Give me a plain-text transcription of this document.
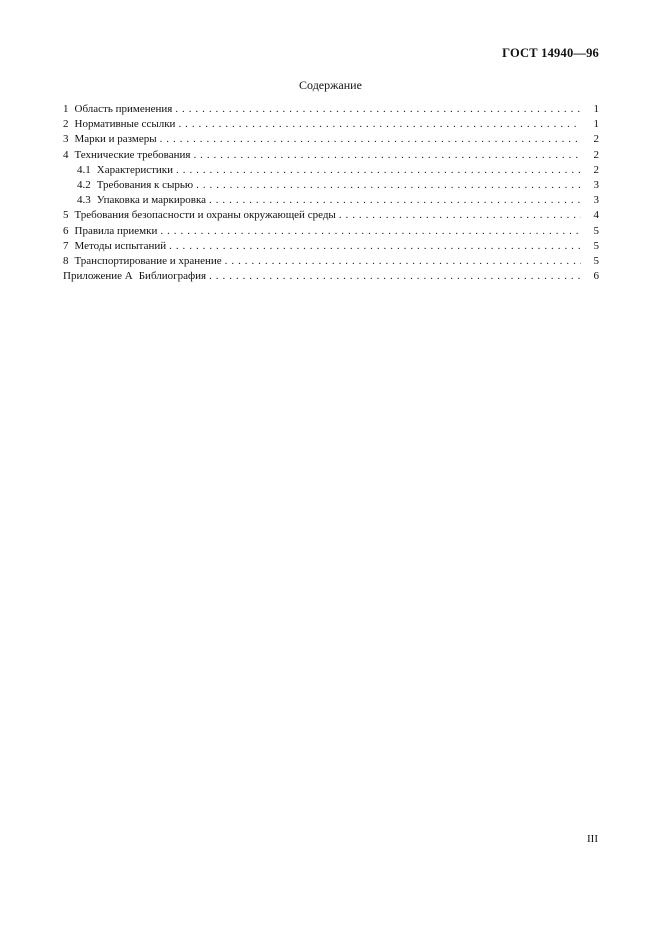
ГОСТ 14940—96
Содержание
1 Область применения . . .	1
2 Нормативные ссылки . . .	1
3 Марки и размеры . . .	2
4 Технические требования . . .	2
4.1 Характеристики . . .	2
4.2 Требования к сырью . . .	3
4.3 Упаковка и маркировка . . .	3
5 Требования безопасности и охраны окружающей среды . . .	4
6 Правила приемки . . .	5
7 Методы испытаний . . .	5
8 Транспортирование и хранение . . .	5
Приложение А Библиография . . .	6
III
